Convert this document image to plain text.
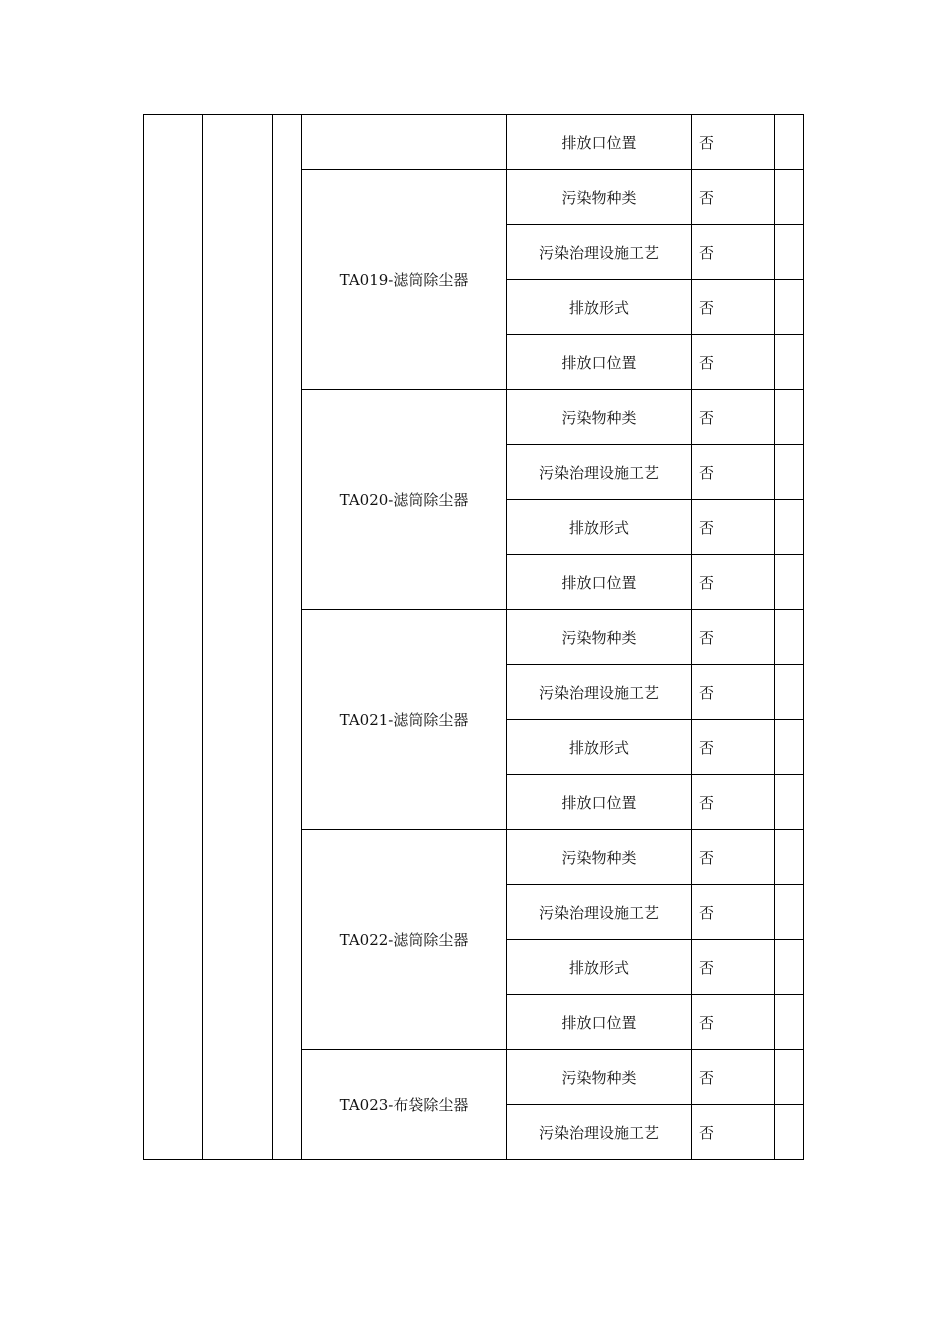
				排放口位置	否	
			TA019-滤筒除尘器	污染物种类	否	
				污染治理设施工艺	否	
				排放形式	否	
				排放口位置	否	
			TA020-滤筒除尘器	污染物种类	否	
				污染治理设施工艺	否	
				排放形式	否	
				排放口位置	否	
			TA021-滤筒除尘器	污染物种类	否	
				污染治理设施工艺	否	
				排放形式	否	
				排放口位置	否	
			TA022-滤筒除尘器	污染物种类	否	
				污染治理设施工艺	否	
				排放形式	否	
				排放口位置	否	
			TA023-布袋除尘器	污染物种类	否	
				污染治理设施工艺	否	
